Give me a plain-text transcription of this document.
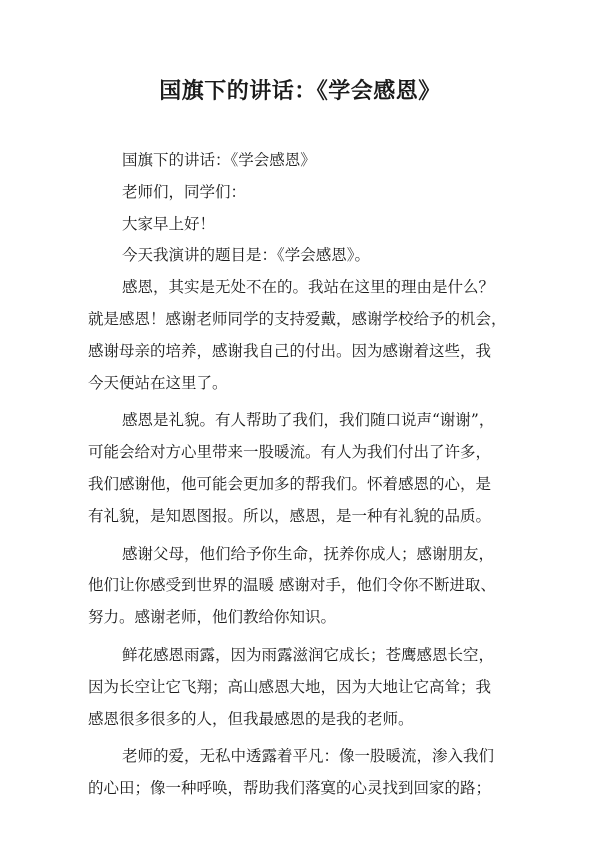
国旗下的讲话：《学会感恩》
国旗下的讲话：《学会感恩》
老师们，同学们：
大家早上好！
今天我演讲的题目是：《学会感恩》。
感恩，其实是无处不在的。我站在这里的理由是什么？
就是感恩！感谢老师同学的支持爱戴，感谢学校给予的机会，
感谢母亲的培养，感谢我自己的付出。因为感谢着这些，我
今天便站在这里了。
感恩是礼貌。有人帮助了我们，我们随口说声“谢谢”，
可能会给对方心里带来一股暖流。有人为我们付出了许多，
我们感谢他，他可能会更加多的帮我们。怀着感恩的心，是
有礼貌，是知恩图报。所以，感恩，是一种有礼貌的品质。
感谢父母，他们给予你生命，抚养你成人；感谢朋友，
他们让你感受到世界的温暖 感谢对手，他们令你不断进取、
努力。感谢老师，他们教给你知识。
鲜花感恩雨露，因为雨露滋润它成长；苍鹰感恩长空，
因为长空让它飞翔；高山感恩大地，因为大地让它高耸；我
感恩很多很多的人，但我最感恩的是我的老师。
老师的爱，无私中透露着平凡：像一股暖流，渗入我们
的心田；像一种呼唤，帮助我们落寞的心灵找到回家的路；
